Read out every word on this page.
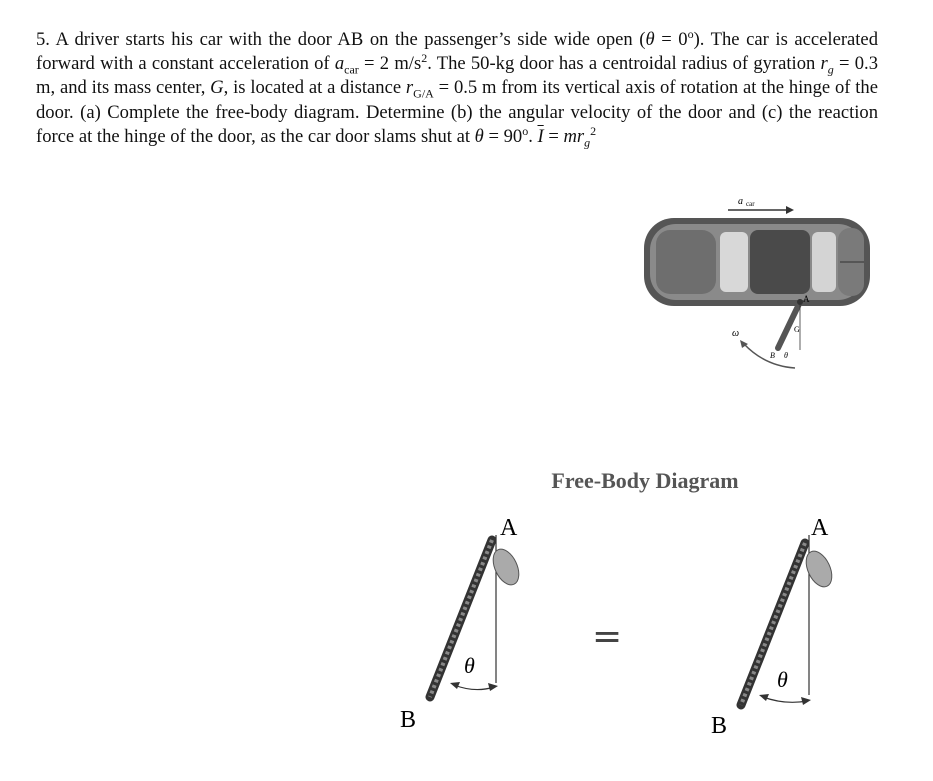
5. A driver starts his car with the door AB on the passenger’s side wide open $(\theta = 0^o)$. The car is accelerated forward with a constant acceleration of $a_{car} = 2$ $m/s^2$. The 50-kg door has a centroidal radius of gyration $r_g = 0.3$ m, and its mass center, G, is located at a distance $r_{G/A} = 0.5$ m from its vertical axis of rotation at the hinge of the door. (a) Complete the free-body diagram. Determine (b) the angular velocity of the door and (c) the reaction force at the hinge of the door, as the car door slams shut at $\theta = 90^o$. $\overline{I} = mr_g^2$
a car
A
G
B θ
ω
Free-Body Diagram
A
B
θ
=
A
B
θ
